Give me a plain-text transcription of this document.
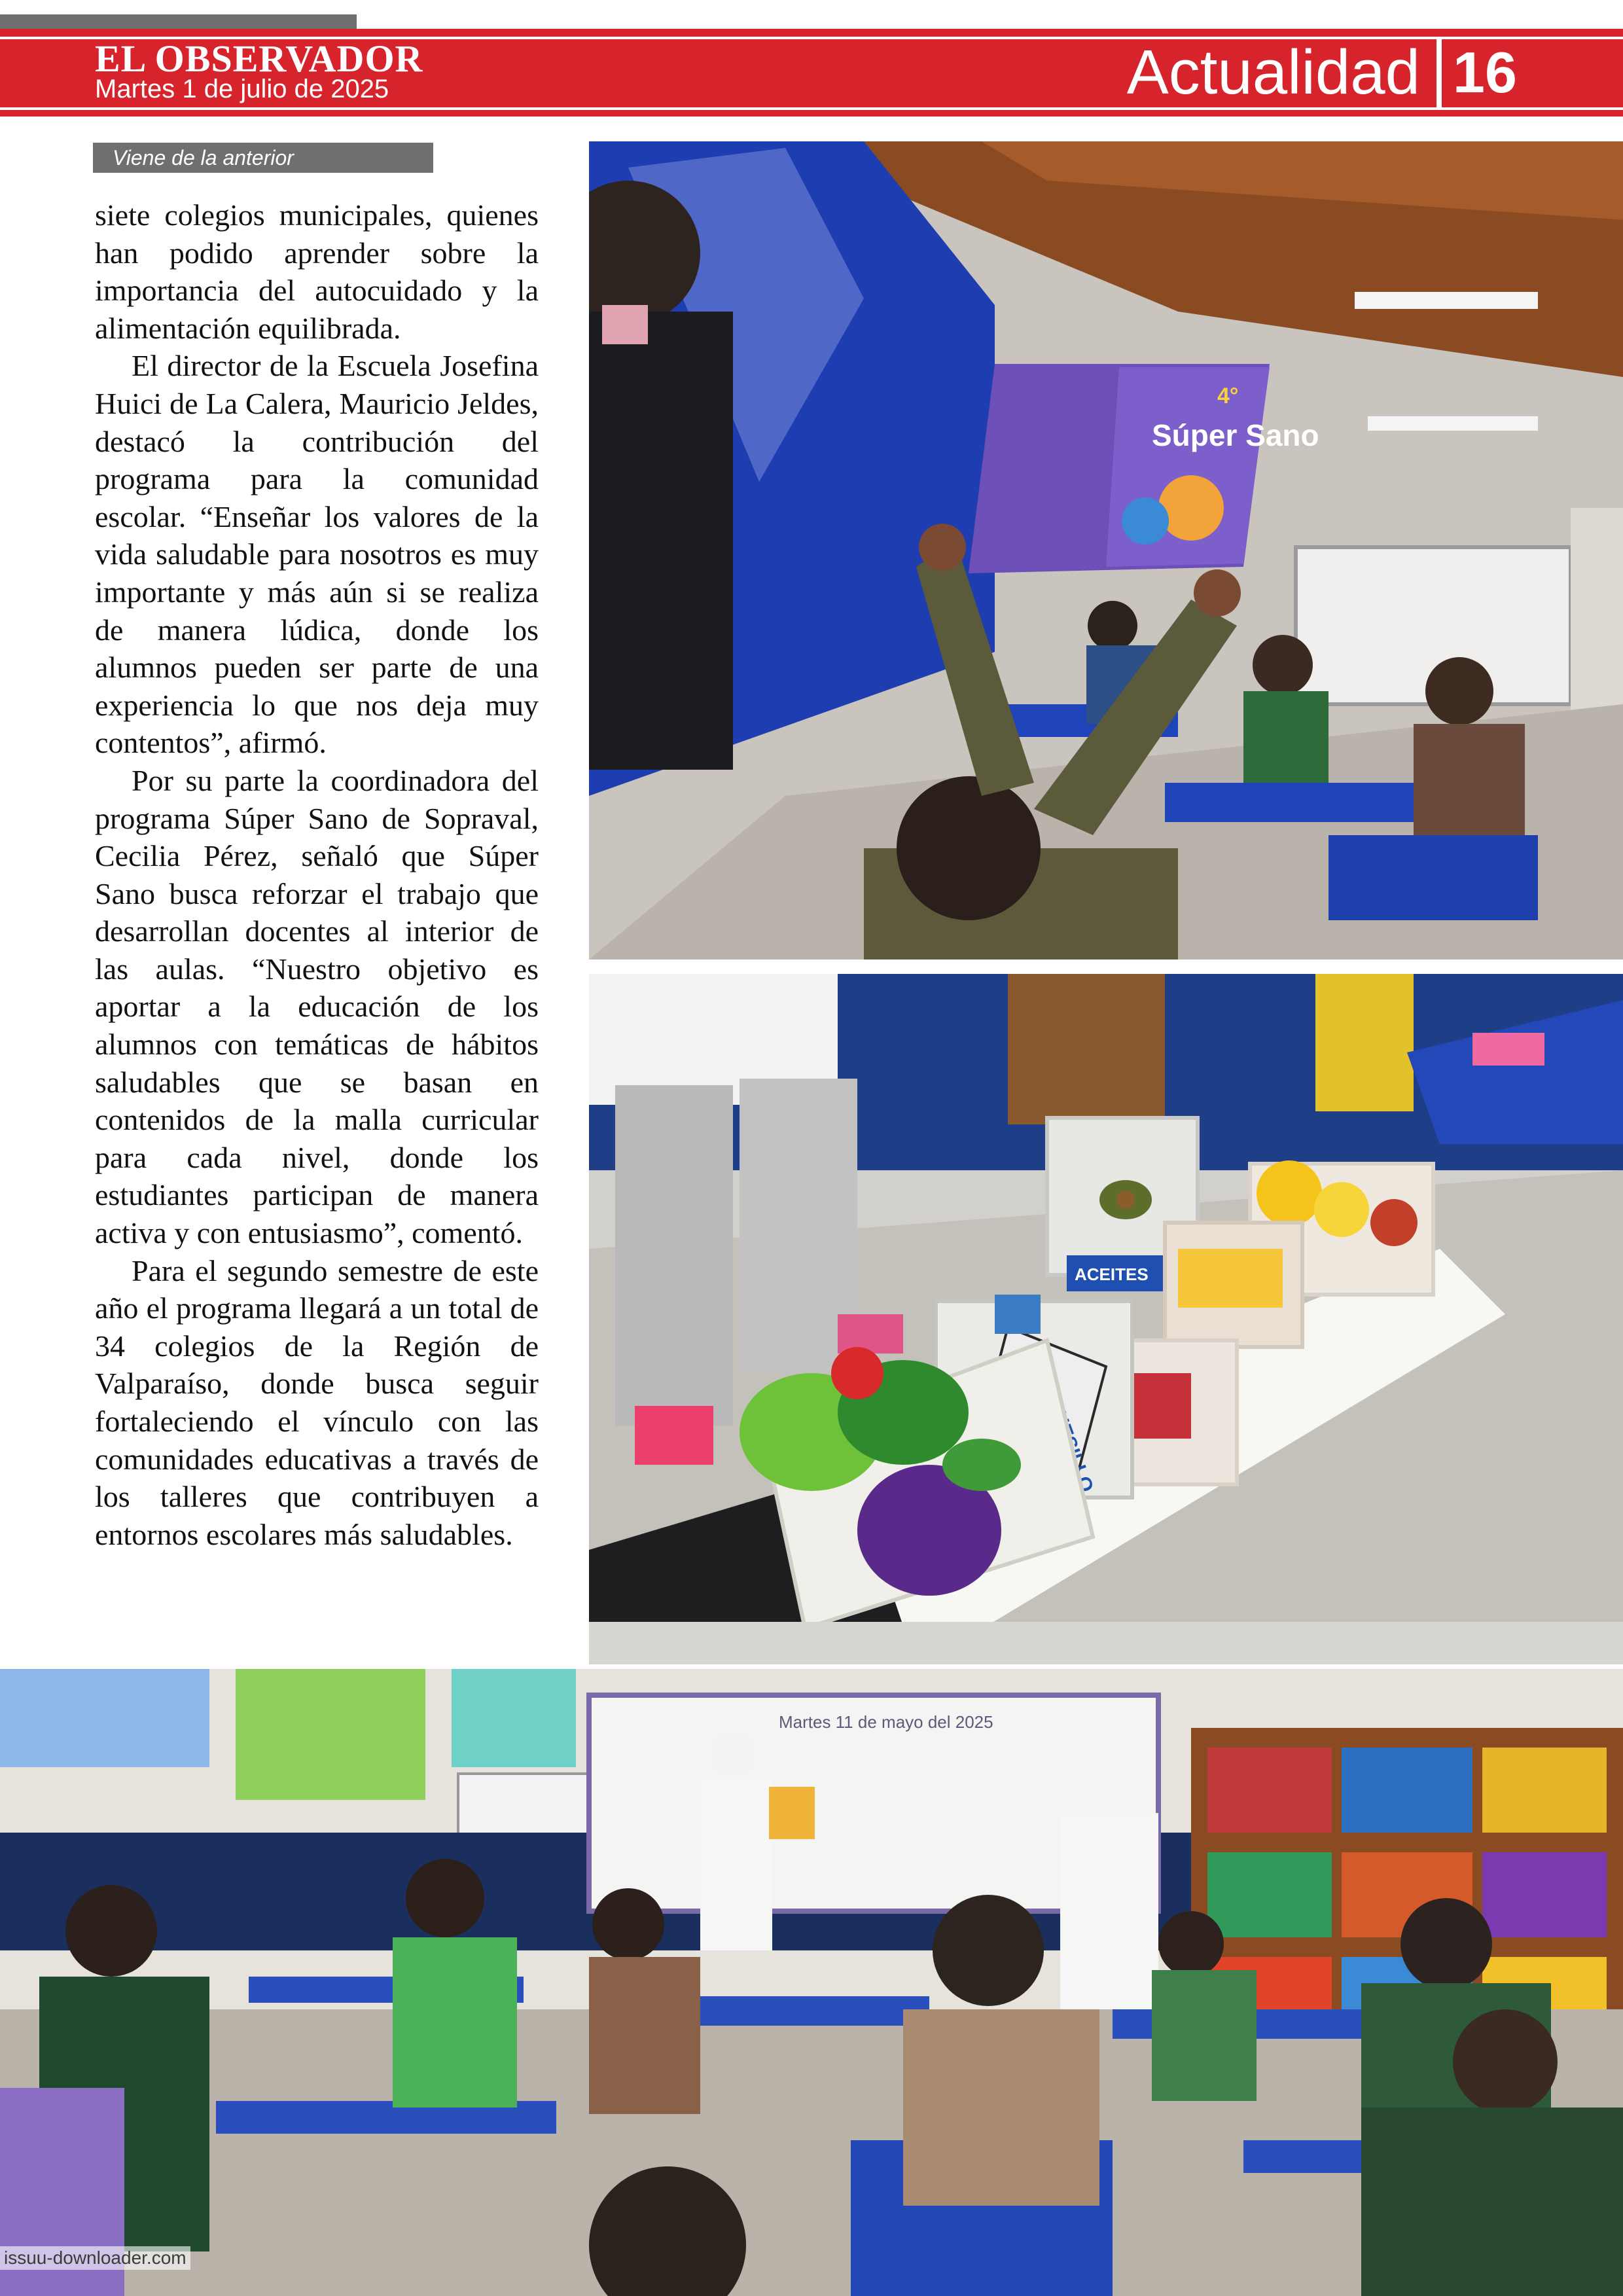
EL OBSERVADOR
Martes 1 de julio de 2025	Actualidad 16
Viene de la anterior

siete colegios municipales, quienes han podido aprender sobre la importancia del autocuidado y la alimentación equilibrada.

El director de la Escuela Josefina Huici de La Calera, Mauricio Jeldes, destacó la contribución del programa para la comunidad escolar. “Enseñar los valores de la vida saludable para nosotros es muy importante y más aún si se realiza de manera lúdica, donde los alumnos pueden ser parte de una experiencia lo que nos deja muy contentos”, afirmó.

Por su parte la coordinadora del programa Súper Sano de Sopraval, Cecilia Pérez, señaló que Súper Sano busca reforzar el trabajo que desarrollan docentes al interior de las aulas. “Nuestro objetivo es aportar a la educación de los alumnos con temáticas de hábitos saludables que se basan en contenidos de la malla curricular para cada nivel, donde los estudiantes participan de manera activa y con entusiasmo”, comentó.

Para el segundo semestre de este año el programa llegará a un total de 34 colegios de la Región de Valparaíso, donde busca seguir fortaleciendo el vínculo con las comunidades educativas a través de los talleres que contribuyen a entornos escolares más saludables.

Súper Sano
4°
ACEITES
Martes 11 de mayo del 2025
issuu-downloader.com
